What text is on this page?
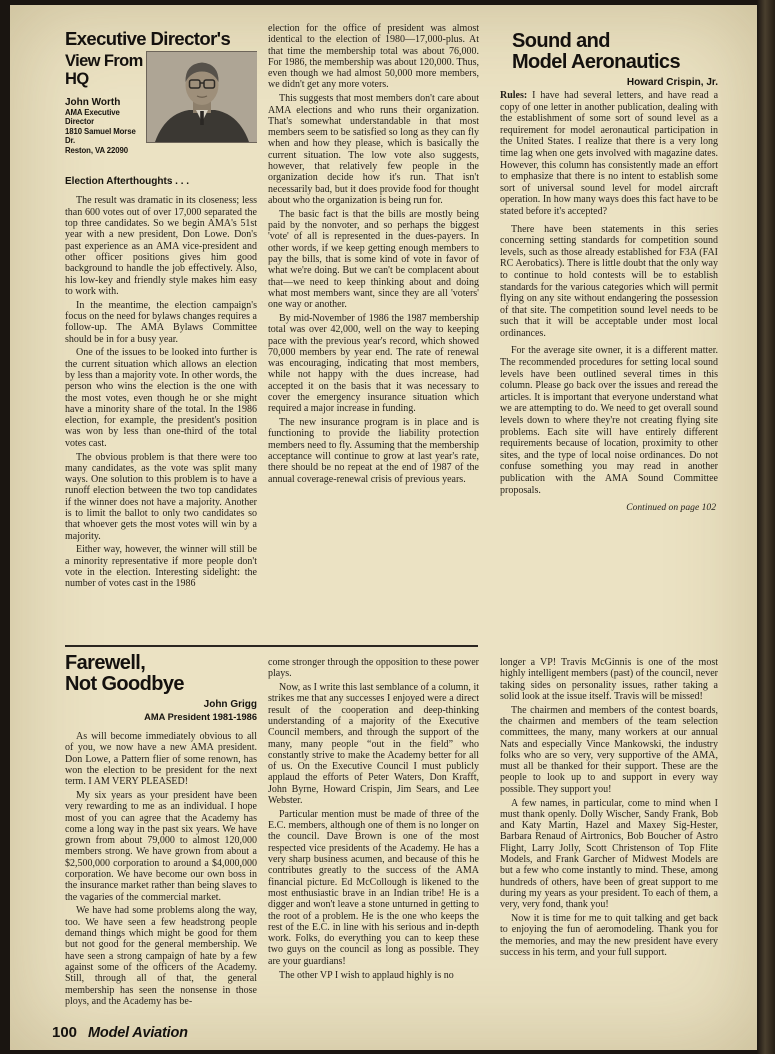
Executive Director's
View From
HQ
John Worth
AMA Executive Director
1810 Samuel Morse Dr.
Reston, VA 22090
Election Afterthoughts . . .

The result was dramatic in its closeness; less than 600 votes out of over 17,000 separated the top three candidates. So we begin AMA's 51st year with a new president, Don Lowe. Don's past experience as an AMA vice-president and other officer positions gives him good background to handle the job effectively. Also, his low-key and friendly style makes him easy to work with.

In the meantime, the election campaign's focus on the need for bylaws changes requires a follow-up. The AMA Bylaws Committee should be in for a busy year.

One of the issues to be looked into further is the current situation which allows an election by less than a majority vote. In other words, the person who wins the election is the one with the most votes, even though he or she might have a minority share of the total. In the 1986 election, for example, the president's position was won by less than one-third of the total votes cast.

The obvious problem is that there were too many candidates, as the vote was split many ways. One solution to this problem is to have a runoff election between the two top candidates if the winner does not have a majority. Another is to limit the ballot to only two candidates so that whoever gets the most votes will win by a majority.

Either way, however, the winner will still be a minority representative if more people don't vote in the election. Interesting sidelight: the number of votes cast in the 1986

election for the office of president was almost identical to the election of 1980—17,000-plus. At that time the membership total was about 76,000. For 1986, the membership was about 120,000. Thus, even though we had almost 50,000 more members, we didn't get any more voters.

This suggests that most members don't care about AMA elections and who runs their organization. That's somewhat understandable in that most members seem to be satisfied so long as they can fly when and how they please, which is basically the current situation. The low vote also suggests, however, that relatively few people in the organization decide how it's run. That isn't necessarily bad, but it does provide food for thought about who the organization is being run for.

The basic fact is that the bills are mostly being paid by the nonvoter, and so perhaps the biggest 'vote' of all is represented in the dues-payers. In other words, if we keep getting enough members to pay the bills, that is some kind of vote in favor of what we're doing. But we can't be complacent about that—we need to keep thinking about and doing what most members want, since they are all 'voters' one way or another.

By mid-November of 1986 the 1987 membership total was over 42,000, well on the way to keeping pace with the previous year's record, which showed 70,000 members by year end. The rate of renewal was encouraging, indicating that most members, while not happy with the dues increase, had accepted it on the basis that it was necessary to cover the emergency insurance situation which required a major increase in funding.

The new insurance program is in place and is functioning to provide the liability protection members need to fly. Assuming that the membership acceptance will continue to grow at last year's rate, there should be no repeat at the end of 1987 of the annual coverage-renewal crisis of previous years.

Sound and
Model Aeronautics
Howard Crispin, Jr.

Rules: I have had several letters, and have read a copy of one letter in another publication, dealing with the establishment of some sort of sound level as a requirement for model aeronautical participation in the United States. I realize that there is a very long time lag when one gets involved with magazine dates. However, this column has consistently made an effort to emphasize that there is no intent to establish some sort of universal sound level for model aircraft operation. In how many ways does this fact have to be stated before it's accepted?

There have been statements in this series concerning setting standards for competition sound levels, such as those already established for F3A (FAI RC Aerobatics). There is little doubt that the only way to continue to hold contests will be to establish standards for the various categories which will permit flying on any site without endangering the possession of that site. The competition sound level needs to be such that it will be acceptable under most local ordinances.

For the average site owner, it is a different matter. The recommended procedures for setting local sound levels have been outlined several times in this column. Please go back over the issues and reread the articles. It is important that everyone understand what we are attempting to do. We need to get overall sound levels down to where they're not creating flying site problems. Each site will have entirely different requirements because of location, proximity to other sites, and the type of local noise ordinances. Do not confuse something you may read in another publication with the AMA Sound Committee proposals.

Continued on page 102
Farewell,
Not Goodbye
John Grigg
AMA President 1981-1986

As will become immediately obvious to all of you, we now have a new AMA president. Don Lowe, a Pattern flier of some renown, has won the election to be president for the next term. I AM VERY PLEASED!

My six years as your president have been very rewarding to me as an individual. I hope most of you can agree that the Academy has come a long way in the past six years. We have grown from about 79,000 to almost 120,000 members strong. We have grown from about a $2,500,000 corporation to around a $4,000,000 corporation. We have become our own boss in the insurance market rather than being slaves to the vagaries of the commercial market.

We have had some problems along the way, too. We have seen a few headstrong people demand things which might be good for them but not good for the general membership. We have seen a strong campaign of hate by a few against some of the officers of the Academy. Still, through all of that, the general membership has seen the nonsense in those ploys, and the Academy has be-

come stronger through the opposition to these power plays.

Now, as I write this last semblance of a column, it strikes me that any successes I enjoyed were a direct result of the cooperation and deep-thinking understanding of a majority of the Executive Council members, and through the support of the many, many people “out in the field” who constantly strive to make the Academy better for all of us. On the Executive Council I must publicly applaud the efforts of Peter Waters, Don Krafft, John Byrne, Howard Crispin, Jim Sears, and Lee Webster.

Particular mention must be made of three of the E.C. members, although one of them is no longer on the council. Dave Brown is one of the most respected vice presidents of the Academy. He has a very sharp business acumen, and because of this he contributes greatly to the success of the AMA financial picture. Ed McCollough is likened to the most enthusiastic brave in an Indian tribe! He is a digger and won't leave a stone unturned in getting to the root of a problem. He is the one who keeps the rest of the E.C. in line with his serious and in-depth work. Folks, do everything you can to keep these two guys on the council as long as possible. They are your guardians!

The other VP I wish to applaud highly is no

longer a VP! Travis McGinnis is one of the most highly intelligent members (past) of the council, never taking sides on personality issues, rather taking a solid look at the issue itself. Travis will be missed!

The chairmen and members of the contest boards, the chairmen and members of the team selection committees, the many, many workers at our annual Nats and especially Vince Mankowski, the industry folks who are so very, very supportive of the AMA, must all be thanked for their support. These are the people to look up to and support in every way possible. They support you!

A few names, in particular, come to mind when I must thank openly. Dolly Wischer, Sandy Frank, Bob and Katy Martin, Hazel and Maxey Sig-Hester, Barbara Renaud of Airtronics, Bob Boucher of Astro Flight, Larry Jolly, Scott Christenson of Top Flite Models, and Frank Garcher of Midwest Models are but a few who come instantly to mind. These, among hundreds of others, have been of great support to me during my years as your president. To each of them, a very, very fond, thank you!

Now it is time for me to quit talking and get back to enjoying the fun of aeromodeling. Thank you for the memories, and may the new president have every success in his term, and your full support.

100 Model Aviation
